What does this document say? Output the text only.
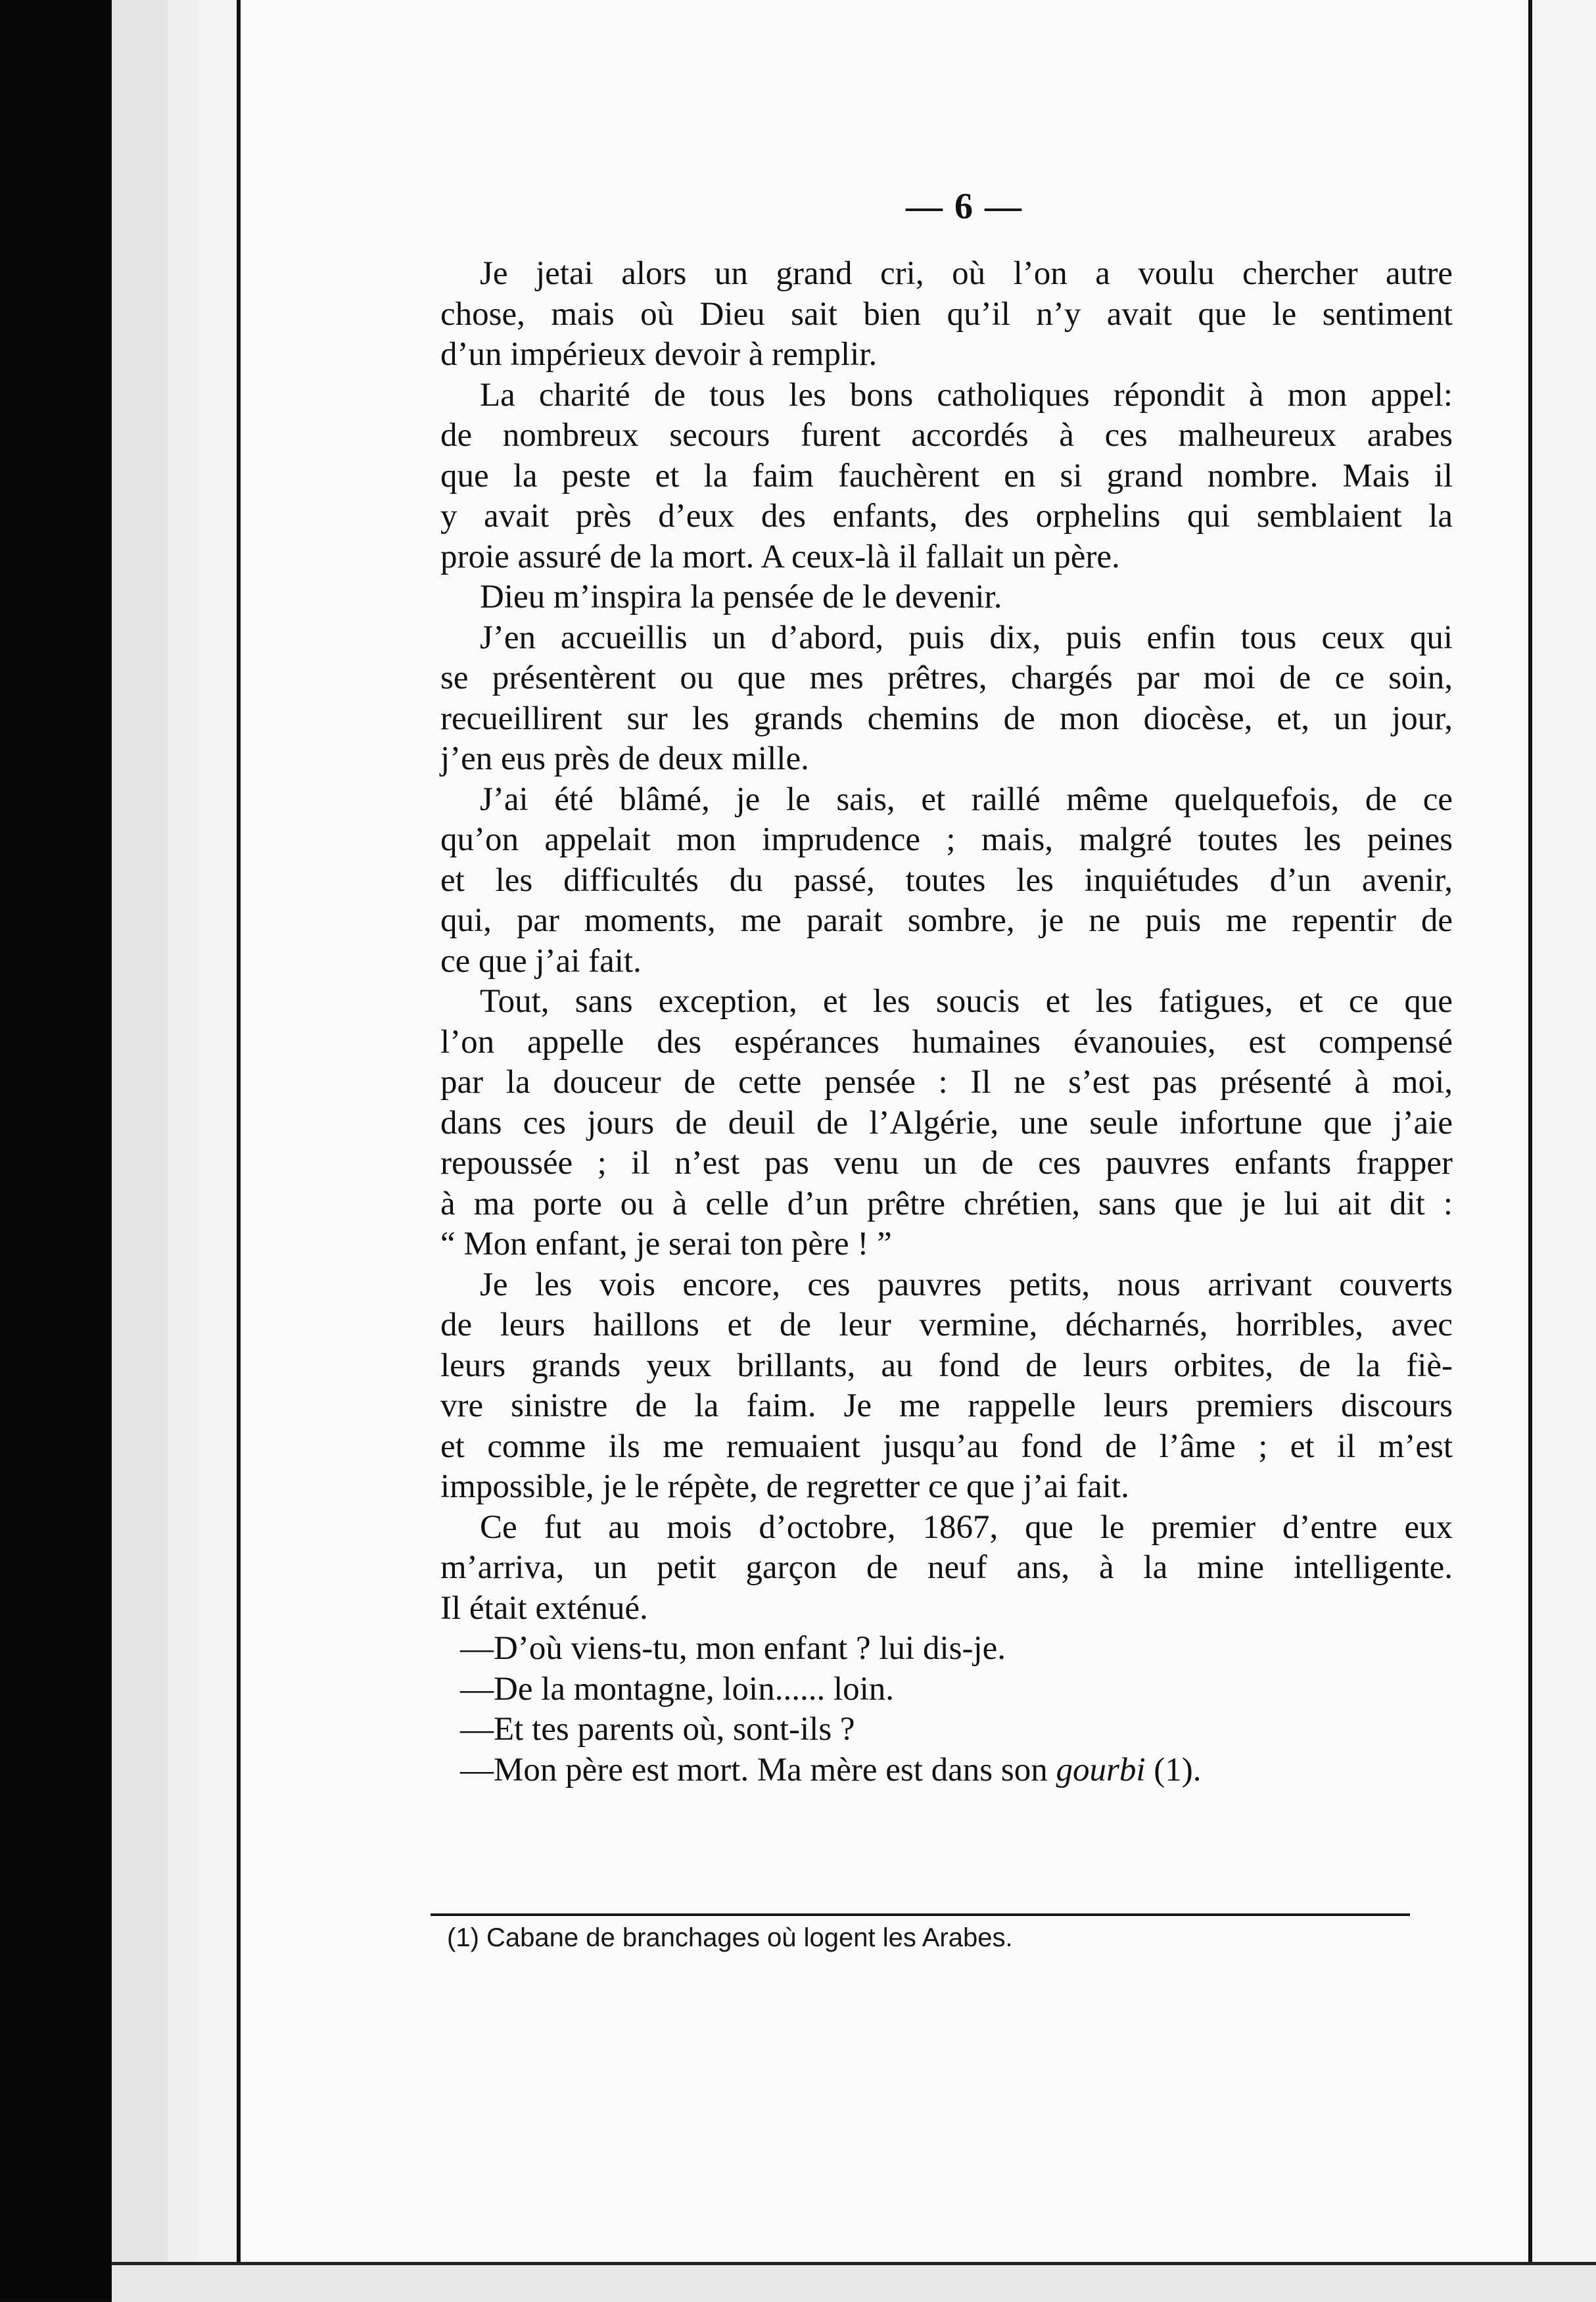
— 6 —
Je jetai alors un grand cri, où l’on a voulu chercher autre
chose, mais où Dieu sait bien qu’il n’y avait que le sentiment
d’un impérieux devoir à remplir.
La charité de tous les bons catholiques répondit à mon appel:
de nombreux secours furent accordés à ces malheureux arabes
que la peste et la faim fauchèrent en si grand nombre. Mais il
y avait près d’eux des enfants, des orphelins qui semblaient la
proie assuré de la mort. A ceux-là il fallait un père.
Dieu m’inspira la pensée de le devenir.
J’en accueillis un d’abord, puis dix, puis enfin tous ceux qui
se présentèrent ou que mes prêtres, chargés par moi de ce soin,
recueillirent sur les grands chemins de mon diocèse, et, un jour,
j’en eus près de deux mille.
J’ai été blâmé, je le sais, et raillé même quelquefois, de ce
qu’on appelait mon imprudence ; mais, malgré toutes les peines
et les difficultés du passé, toutes les inquiétudes d’un avenir,
qui, par moments, me parait sombre, je ne puis me repentir de
ce que j’ai fait.
Tout, sans exception, et les soucis et les fatigues, et ce que
l’on appelle des espérances humaines évanouies, est compensé
par la douceur de cette pensée : Il ne s’est pas présenté à moi,
dans ces jours de deuil de l’Algérie, une seule infortune que j’aie
repoussée ; il n’est pas venu un de ces pauvres enfants frapper
à ma porte ou à celle d’un prêtre chrétien, sans que je lui ait dit :
“ Mon enfant, je serai ton père ! ”
Je les vois encore, ces pauvres petits, nous arrivant couverts
de leurs haillons et de leur vermine, décharnés, horribles, avec
leurs grands yeux brillants, au fond de leurs orbites, de la fiè-
vre sinistre de la faim. Je me rappelle leurs premiers discours
et comme ils me remuaient jusqu’au fond de l’âme ; et il m’est
impossible, je le répète, de regretter ce que j’ai fait.
Ce fut au mois d’octobre, 1867, que le premier d’entre eux
m’arriva, un petit garçon de neuf ans, à la mine intelligente.
Il était exténué.
—D’où viens-tu, mon enfant ? lui dis-je.
—De la montagne, loin...... loin.
—Et tes parents où, sont-ils ?
—Mon père est mort. Ma mère est dans son gourbi (1).
(1) Cabane de branchages où logent les Arabes.
